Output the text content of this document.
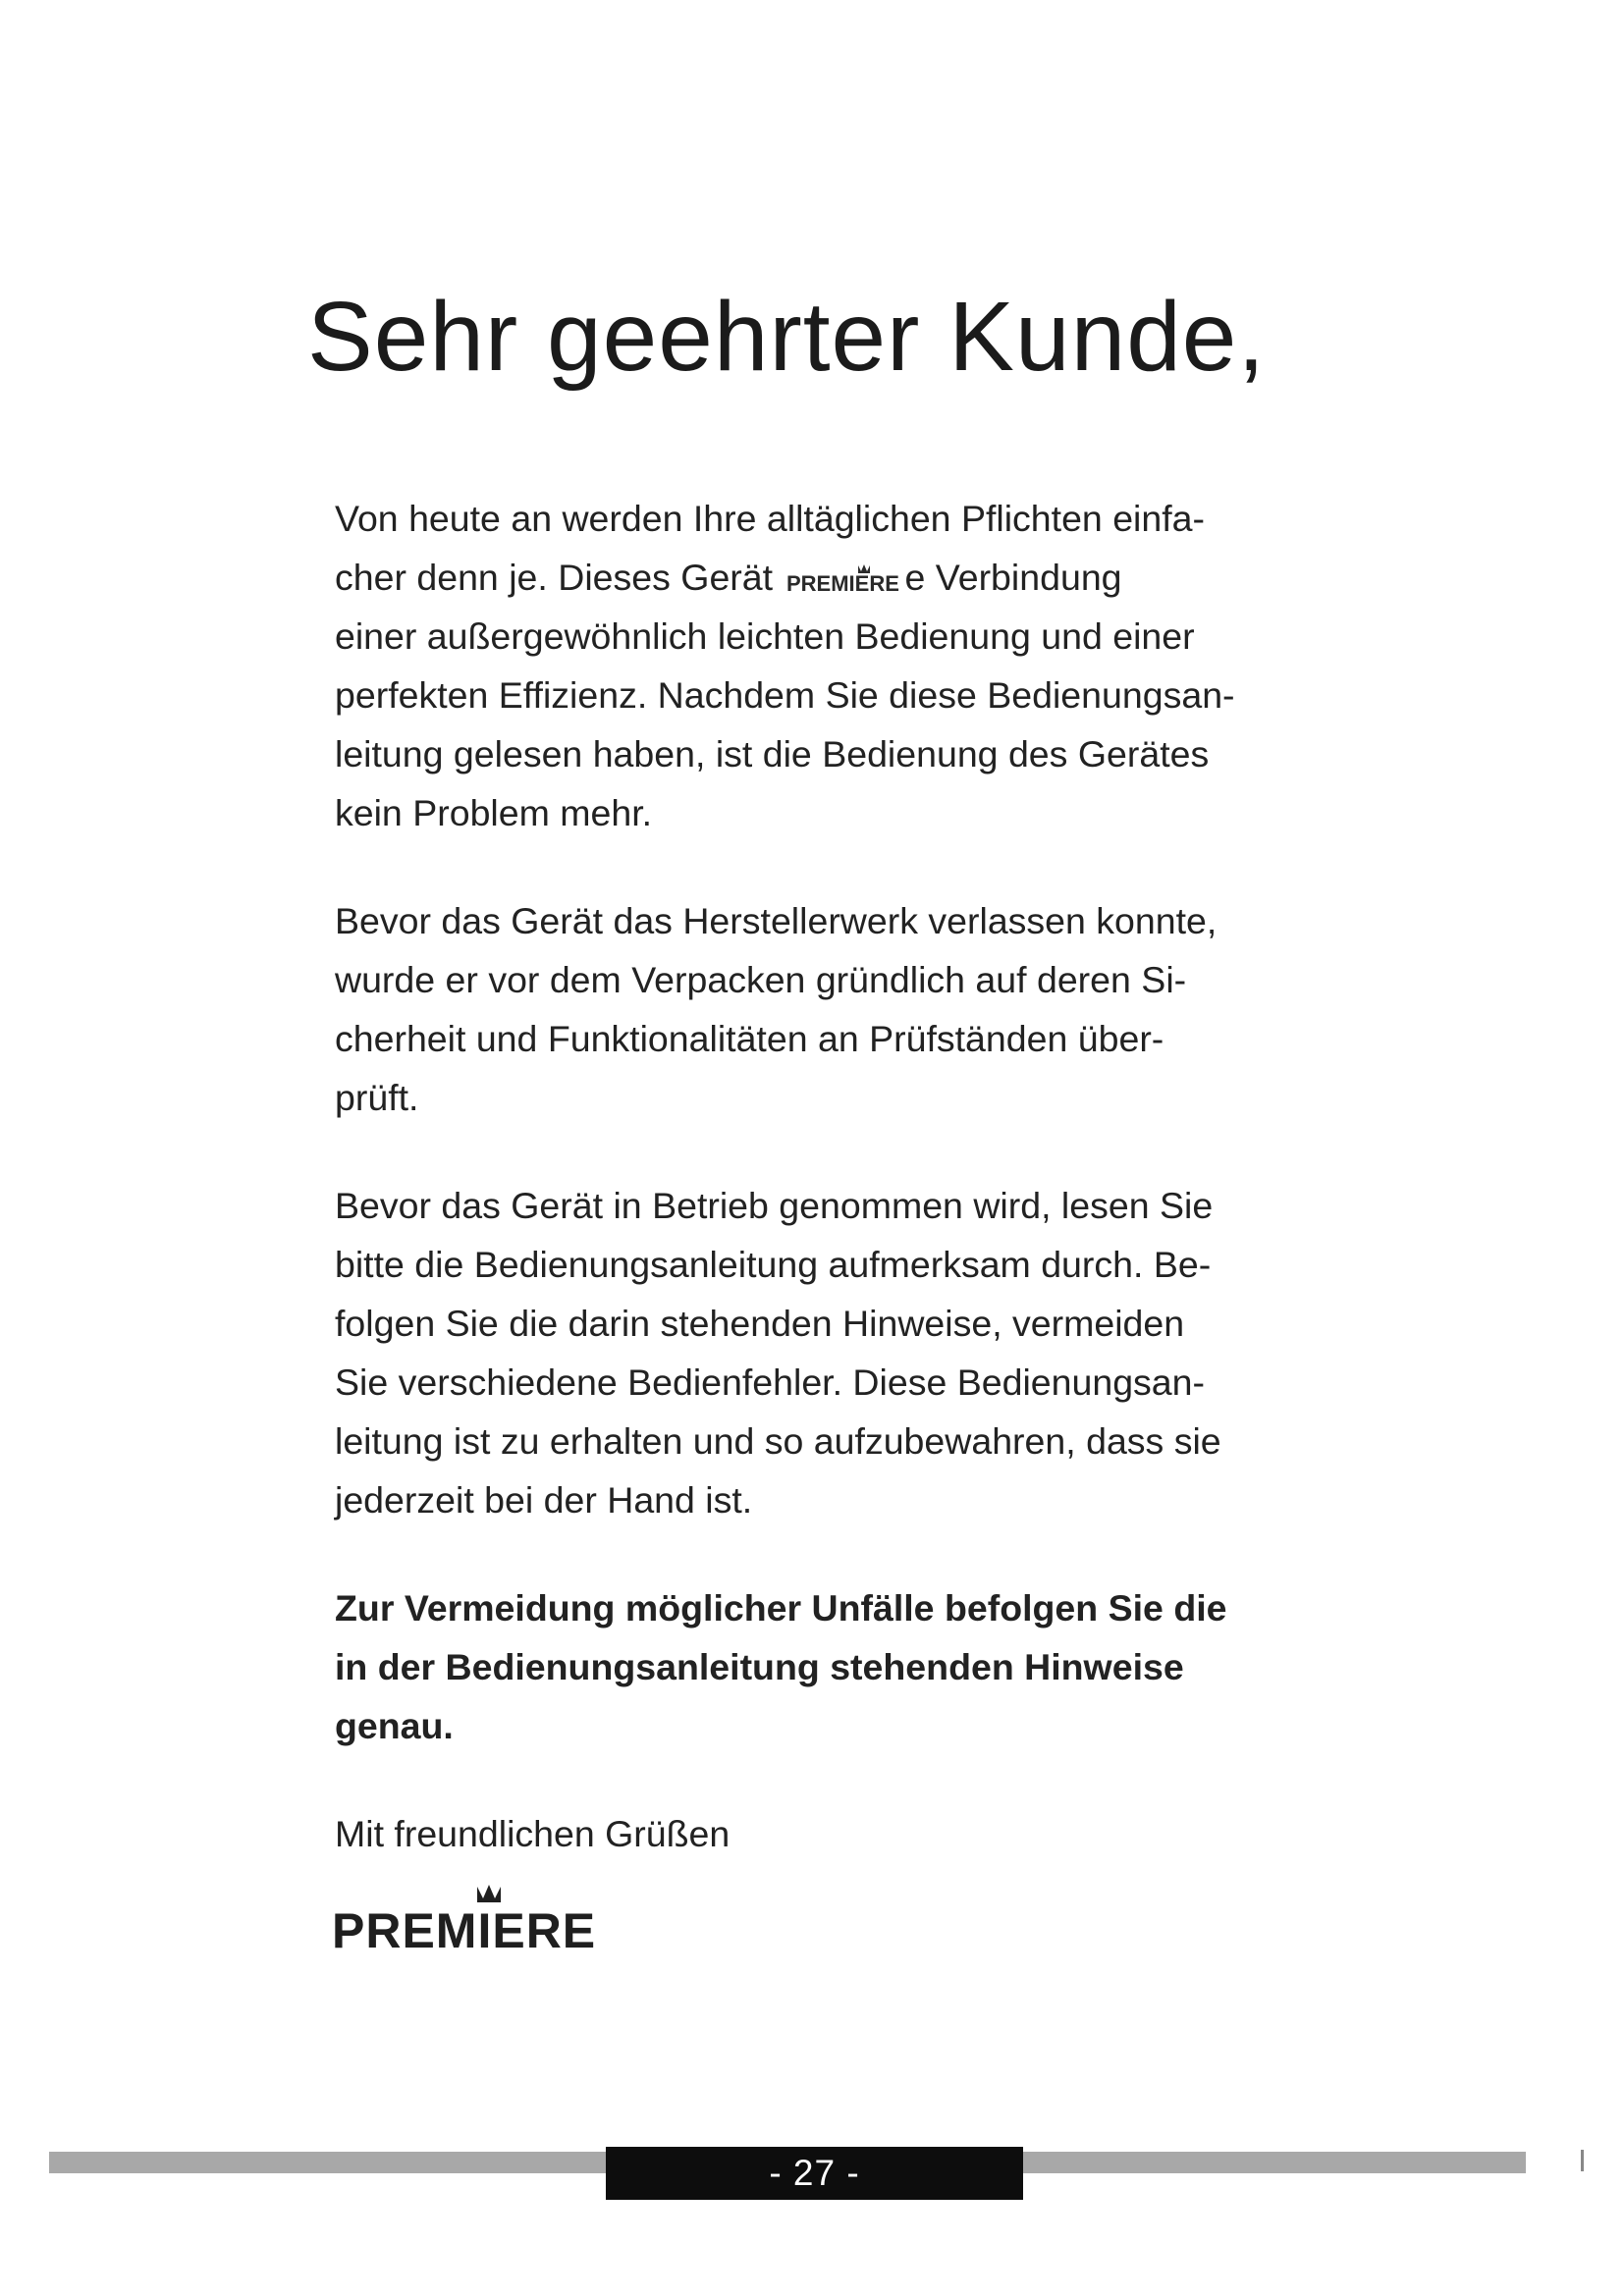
Sehr geehrter Kunde,

Von heute an werden Ihre alltäglichen Pflichten einfa-
cher denn je. Dieses Gerät PREMIERE e Verbindung
einer außergewöhnlich leichten Bedienung und einer
perfekten Effizienz. Nachdem Sie diese Bedienungsan-
leitung gelesen haben, ist die Bedienung des Gerätes
kein Problem mehr.

Bevor das Gerät das Herstellerwerk verlassen konnte,
wurde er vor dem Verpacken gründlich auf deren Si-
cherheit und Funktionalitäten an Prüfständen über-
prüft.

Bevor das Gerät in Betrieb genommen wird, lesen Sie
bitte die Bedienungsanleitung aufmerksam durch. Be-
folgen Sie die darin stehenden Hinweise, vermeiden
Sie verschiedene Bedienfehler. Diese Bedienungsan-
leitung ist zu erhalten und so aufzubewahren, dass sie
jederzeit bei der Hand ist.

Zur Vermeidung möglicher Unfälle befolgen Sie die
in der Bedienungsanleitung stehenden Hinweise
genau.

Mit freundlichen Grüßen

PREMIERE
- 27 -
